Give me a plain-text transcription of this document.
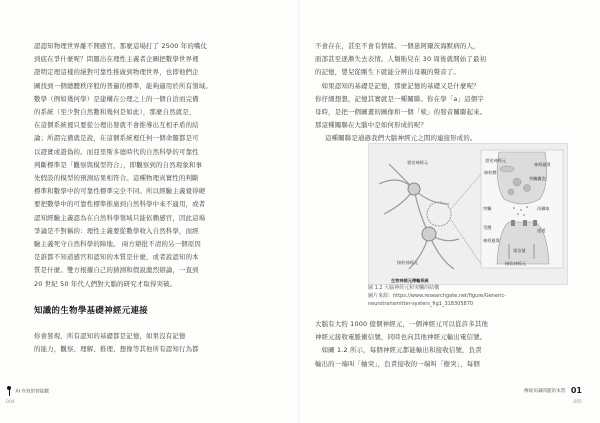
認認知物理世界離不開感官。那麼這場打了 2500 年的嘴仗

到底在爭什麼呢？問題出在理性主義者企圖把數學世界裡

證明定理這樣的絕對可靠性推廣到物理世界，也即他們企

圖找到一個總體秩序般的普遍的標準，能夠適用於所有領域。

數學（例如幾何學）是建構在公理之上的一個自洽而完備

的系統（至少對自然數和幾何是如此），那麼自然就是，

在這個系統裡只要從公理出發就不會推導出互相矛盾的結

論；所謂完備就是說，在這個系統裡任何一個命題都是可

以證實或證偽的。而亞里斯多德時代的自然科學的可靠性

判斷標準是「觀察與模型符合」，即觀察到的自然現象和事

先假設的模型的預測結果相符合。這種物理真實性的判斷

標準和數學中的可靠性標準完全不同。所以經驗主義覺得硬

要把數學中的可靠性標準推廣到自然科學中來不適用，或者

認知經驗主義認為在自然科學領域只能依賴感官，因此這場

爭論是不對稱的：理性主義要從數學收入自然科學，而經

驗主義死守自然科學的陣地。 兩方辯批不清的另一個原因

是誰都不知道感官和認知的本質是什麼，或者說認知的本

質是什麼。雙方根據自己的猜測和假說激烈辯論，一直到

20 世紀 50 年代人們對大腦的研究才取得突破。

知識的生物學基礎神經元連接

你會發現，所有認知的基礎都是記憶，如果沒有記憶

的能力，觀察、理解、推理、想像等其他所有認知行為都

AI 有效的智能觀
004

不會存在，甚至不會有情緒。一個患阿爾茨海默病的人，

面部甚至逐漸失去表情。人類貽兒在 30 周後就開始了最初

的記憶，嬰兒從剛生下就能分辨出母親的聲音了。

　如果認知的基礎是記憶，那麼記憶的基礎又是什麼呢？

你仔細想想，記憶其實就是一種關聯。你在學「a」這個字

母時，是把一個圖畫的圖像和一個「欸」的發音關聯起來。

那這種關聯在大腦中是如何形成的呢？

這種關聯是通過我們大腦神經元之間的連接形成的。

發送神經元
接收神經元
生物神經元傳輸系統
發送神經元
突觸囊泡
神經遞質
線粒體
突觸	再攝取
受體
通道
神經遞質
電信號
接收神經元
圖 1.2 大腦神經元和突觸的結構
圖片來源：https://www.researchgate.net/figure/Generic-
neurotransmitter-systers_fig1_318305870

大腦有大約 1000 億個神經元，一個神經元可以從許多其他

神經元接收電脈衝信號，同時也向其他神經元輸出電信號。

　如圖 1.2 所示，每個神經元都能輸出和接收信號，負責

輸出的一端叫「軸突」，負責接收的一端叫「樹突」，每個

傳統知識問題的本質 01
005
